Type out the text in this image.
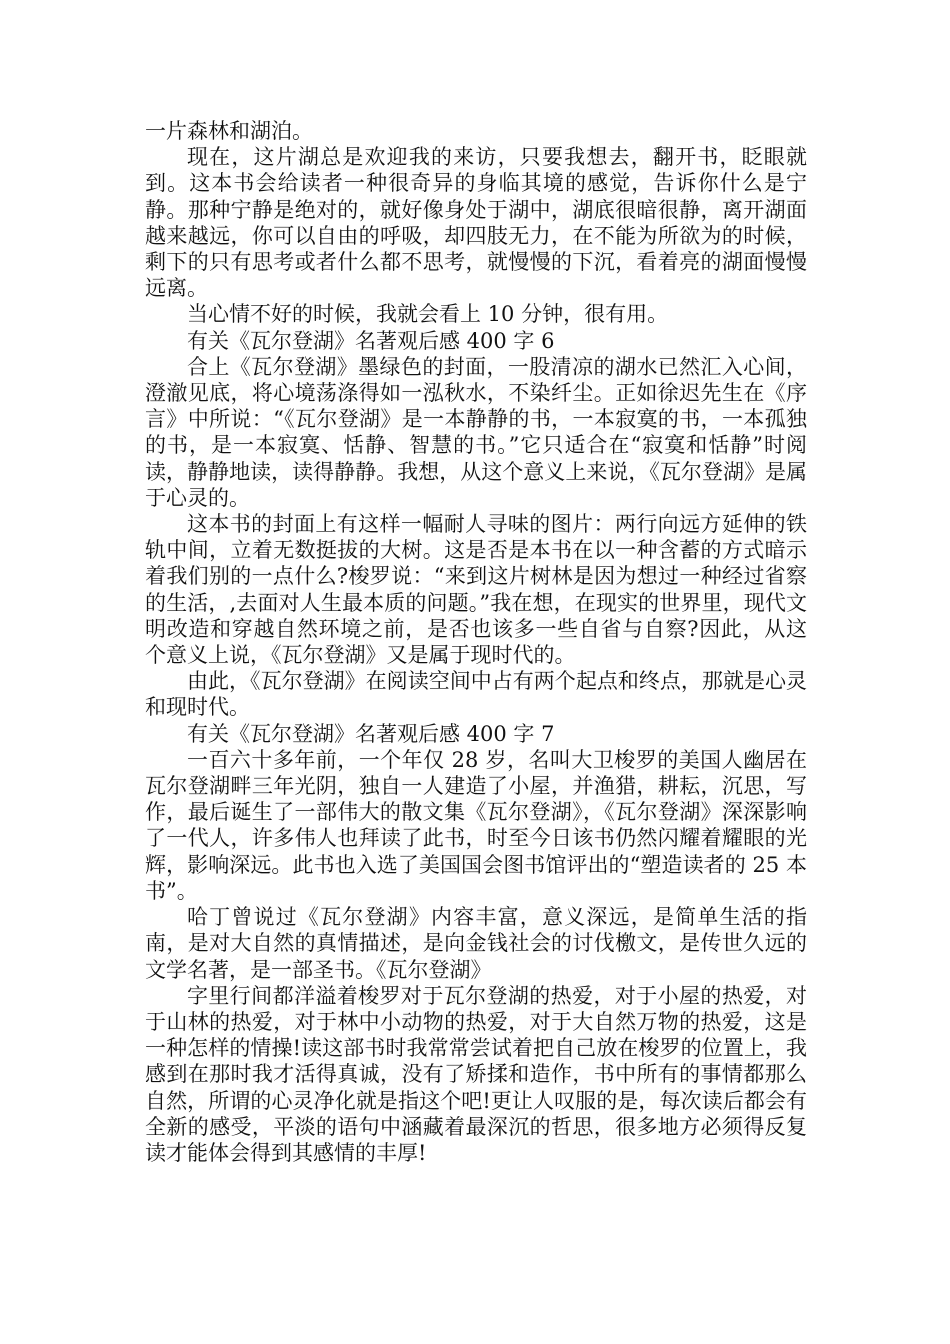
一片森林和湖泊。

现在，这片湖总是欢迎我的来访，只要我想去，翻开书，眨眼就到。这本书会给读者一种很奇异的身临其境的感觉，告诉你什么是宁静。那种宁静是绝对的，就好像身处于湖中，湖底很暗很静，离开湖面越来越远，你可以自由的呼吸，却四肢无力，在不能为所欲为的时候，剩下的只有思考或者什么都不思考，就慢慢的下沉，看着亮的湖面慢慢远离。

当心情不好的时候，我就会看上 10 分钟，很有用。

有关《瓦尔登湖》名著观后感 400 字 6

合上《瓦尔登湖》墨绿色的封面，一股清凉的湖水已然汇入心间，澄澈见底，将心境荡涤得如一泓秋水，不染纤尘。正如徐迟先生在《序言》中所说：“《瓦尔登湖》是一本静静的书，一本寂寞的书，一本孤独的书，是一本寂寞、恬静、智慧的书。”它只适合在“寂寞和恬静”时阅读，静静地读，读得静静。我想，从这个意义上来说，《瓦尔登湖》是属于心灵的。

这本书的封面上有这样一幅耐人寻味的图片：两行向远方延伸的铁轨中间，立着无数挺拔的大树。这是否是本书在以一种含蓄的方式暗示着我们别的一点什么?梭罗说：“来到这片树林是因为想过一种经过省察的生活，,去面对人生最本质的问题。”我在想，在现实的世界里，现代文明改造和穿越自然环境之前，是否也该多一些自省与自察?因此，从这个意义上说，《瓦尔登湖》又是属于现时代的。

由此，《瓦尔登湖》在阅读空间中占有两个起点和终点，那就是心灵和现时代。

有关《瓦尔登湖》名著观后感 400 字 7

一百六十多年前，一个年仅 28 岁，名叫大卫梭罗的美国人幽居在瓦尔登湖畔三年光阴，独自一人建造了小屋，并渔猎，耕耘，沉思，写作，最后诞生了一部伟大的散文集《瓦尔登湖》，《瓦尔登湖》深深影响了一代人，许多伟人也拜读了此书，时至今日该书仍然闪耀着耀眼的光辉，影响深远。此书也入选了美国国会图书馆评出的“塑造读者的 25 本书”。

哈丁曾说过《瓦尔登湖》内容丰富，意义深远，是简单生活的指南，是对大自然的真情描述，是向金钱社会的讨伐檄文，是传世久远的文学名著，是一部圣书。《瓦尔登湖》

字里行间都洋溢着梭罗对于瓦尔登湖的热爱，对于小屋的热爱，对于山林的热爱，对于林中小动物的热爱，对于大自然万物的热爱，这是一种怎样的情操!读这部书时我常常尝试着把自己放在梭罗的位置上，我感到在那时我才活得真诚，没有了矫揉和造作，书中所有的事情都那么自然，所谓的心灵净化就是指这个吧!更让人叹服的是，每次读后都会有全新的感受，平淡的语句中涵藏着最深沉的哲思，很多地方必须得反复读才能体会得到其感情的丰厚!
